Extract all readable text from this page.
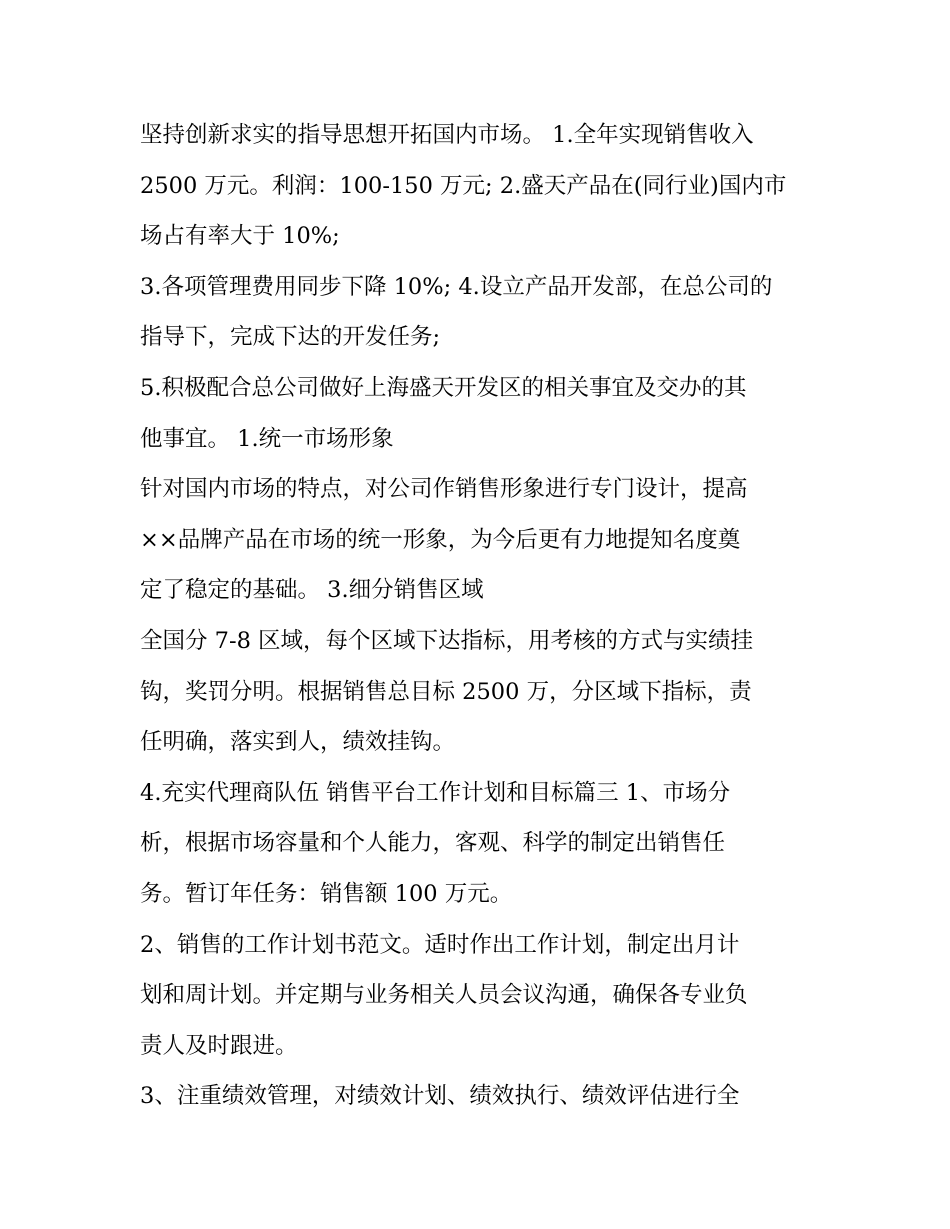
坚持创新求实的指导思想开拓国内市场。 1.全年实现销售收入
2500 万元。利润：100-150 万元; 2.盛天产品在(同行业)国内市
场占有率大于 10%;

3.各项管理费用同步下降 10%; 4.设立产品开发部，在总公司的
指导下，完成下达的开发任务;

5.积极配合总公司做好上海盛天开发区的相关事宜及交办的其
他事宜。 1.统一市场形象

针对国内市场的特点，对公司作销售形象进行专门设计，提高
××品牌产品在市场的统一形象，为今后更有力地提知名度奠
定了稳定的基础。 3.细分销售区域

全国分 7-8 区域，每个区域下达指标，用考核的方式与实绩挂
钩，奖罚分明。根据销售总目标 2500 万，分区域下指标，责
任明确，落实到人，绩效挂钩。

4.充实代理商队伍 销售平台工作计划和目标篇三 1、市场分
析，根据市场容量和个人能力，客观、科学的制定出销售任
务。暂订年任务：销售额 100 万元。

2、销售的工作计划书范文。适时作出工作计划，制定出月计
划和周计划。并定期与业务相关人员会议沟通，确保各专业负
责人及时跟进。

3、注重绩效管理，对绩效计划、绩效执行、绩效评估进行全
